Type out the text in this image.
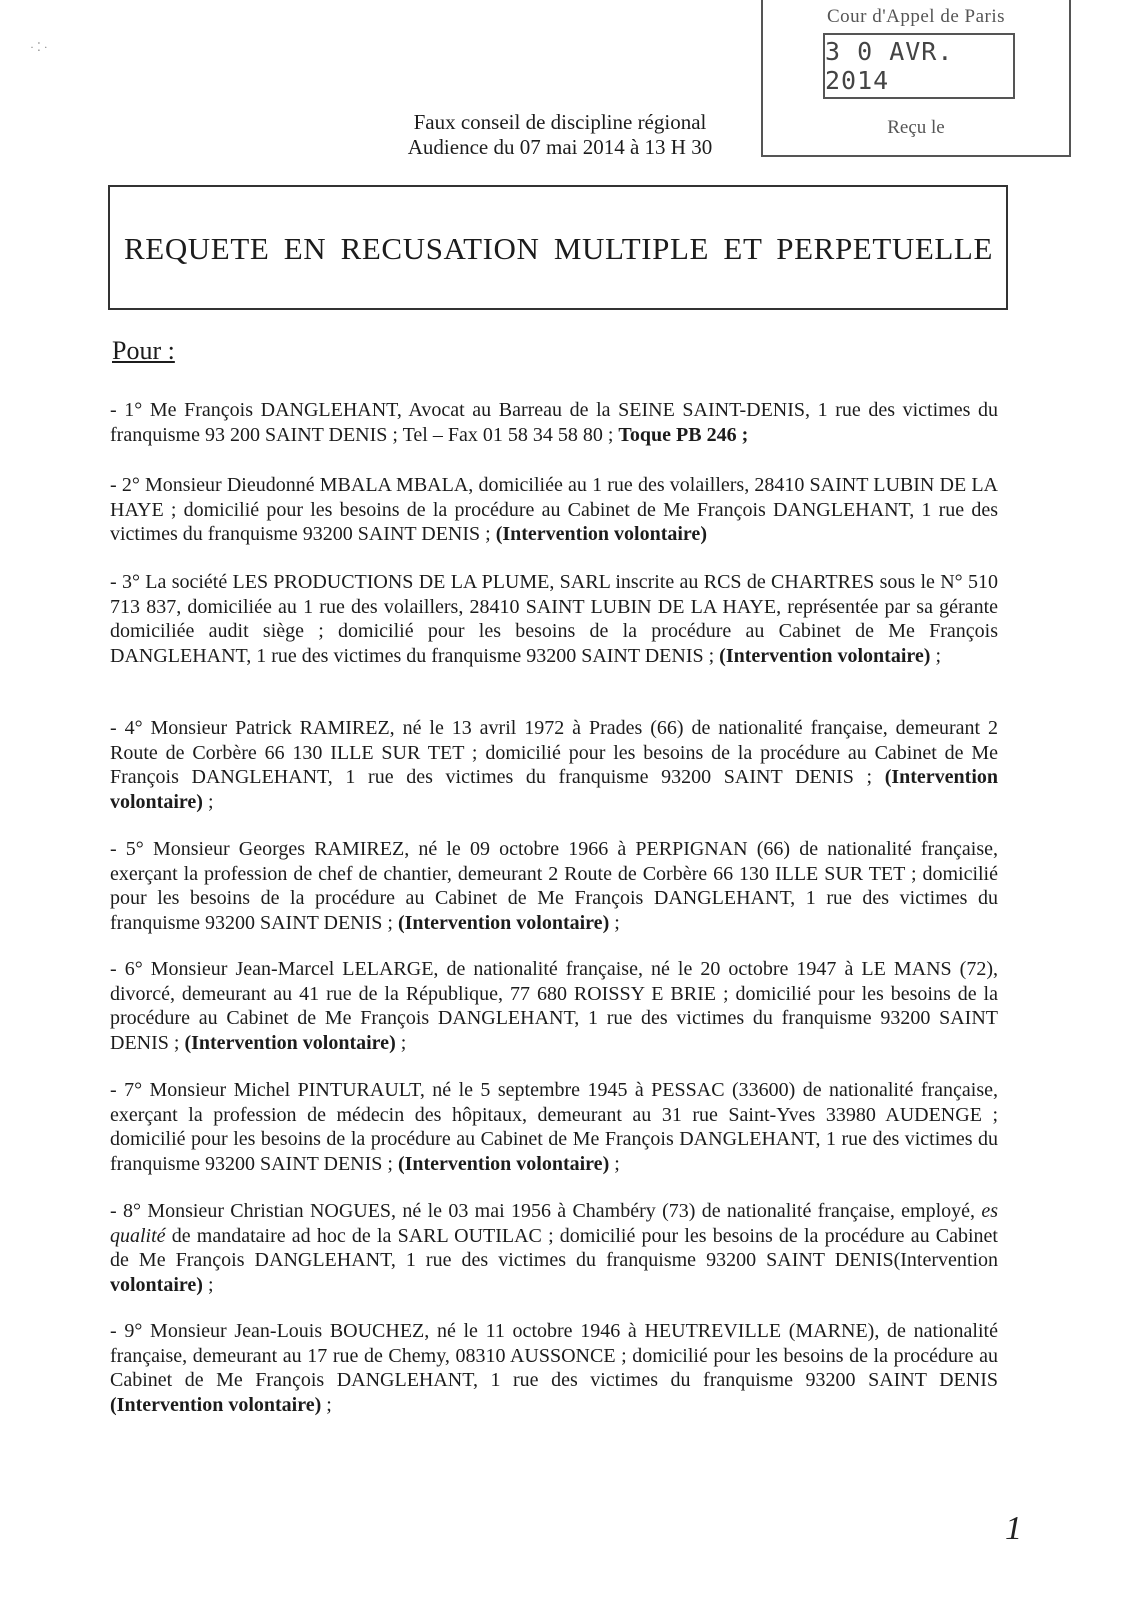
· ⁚ ·
Cour d'Appel de Paris
3 0 AVR. 2014
Reçu le
Faux conseil de discipline régional
Audience du 07 mai 2014 à 13 H 30
REQUETE EN RECUSATION MULTIPLE ET PERPETUELLE
Pour :
- 1° Me François DANGLEHANT, Avocat au Barreau de la SEINE SAINT-DENIS, 1 rue des victimes du franquisme 93 200 SAINT DENIS ; Tel – Fax 01 58 34 58 80 ; Toque PB 246 ;
- 2° Monsieur Dieudonné MBALA MBALA, domiciliée au 1 rue des volaillers, 28410 SAINT LUBIN DE LA HAYE ; domicilié pour les besoins de la procédure au Cabinet de Me François DANGLEHANT, 1 rue des victimes du franquisme 93200 SAINT DENIS ; (Intervention volontaire)
- 3° La société LES PRODUCTIONS DE LA PLUME, SARL inscrite au RCS de CHARTRES sous le N° 510 713 837, domiciliée au 1 rue des volaillers, 28410 SAINT LUBIN DE LA HAYE, représentée par sa gérante domiciliée audit siège ; domicilié pour les besoins de la procédure au Cabinet de Me François DANGLEHANT, 1 rue des victimes du franquisme 93200 SAINT DENIS ; (Intervention volontaire) ;
- 4° Monsieur Patrick RAMIREZ, né le 13 avril 1972 à Prades (66) de nationalité française, demeurant 2 Route de Corbère 66 130 ILLE SUR TET ; domicilié pour les besoins de la procédure au Cabinet de Me François DANGLEHANT, 1 rue des victimes du franquisme 93200 SAINT DENIS ; (Intervention volontaire) ;
- 5° Monsieur Georges RAMIREZ, né le 09 octobre 1966 à PERPIGNAN (66) de nationalité française, exerçant la profession de chef de chantier, demeurant 2 Route de Corbère 66 130 ILLE SUR TET ; domicilié pour les besoins de la procédure au Cabinet de Me François DANGLEHANT, 1 rue des victimes du franquisme 93200 SAINT DENIS ; (Intervention volontaire) ;
- 6° Monsieur Jean-Marcel LELARGE, de nationalité française, né le 20 octobre 1947 à LE MANS (72), divorcé, demeurant au 41 rue de la République, 77 680 ROISSY E BRIE ; domicilié pour les besoins de la procédure au Cabinet de Me François DANGLEHANT, 1 rue des victimes du franquisme 93200 SAINT DENIS ; (Intervention volontaire) ;
- 7° Monsieur Michel PINTURAULT, né le 5 septembre 1945 à PESSAC (33600) de nationalité française, exerçant la profession de médecin des hôpitaux, demeurant au 31 rue Saint-Yves 33980 AUDENGE ; domicilié pour les besoins de la procédure au Cabinet de Me François DANGLEHANT, 1 rue des victimes du franquisme 93200 SAINT DENIS ; (Intervention volontaire) ;
- 8° Monsieur Christian NOGUES, né le 03 mai 1956 à Chambéry (73) de nationalité française, employé, es qualité de mandataire ad hoc de la SARL OUTILAC ; domicilié pour les besoins de la procédure au Cabinet de Me François DANGLEHANT, 1 rue des victimes du franquisme 93200 SAINT DENIS(Intervention volontaire) ;
- 9° Monsieur Jean-Louis BOUCHEZ, né le 11 octobre 1946 à HEUTREVILLE (MARNE), de nationalité française, demeurant au 17 rue de Chemy, 08310 AUSSONCE ; domicilié pour les besoins de la procédure au Cabinet de Me François DANGLEHANT, 1 rue des victimes du franquisme 93200 SAINT DENIS (Intervention volontaire) ;
1
